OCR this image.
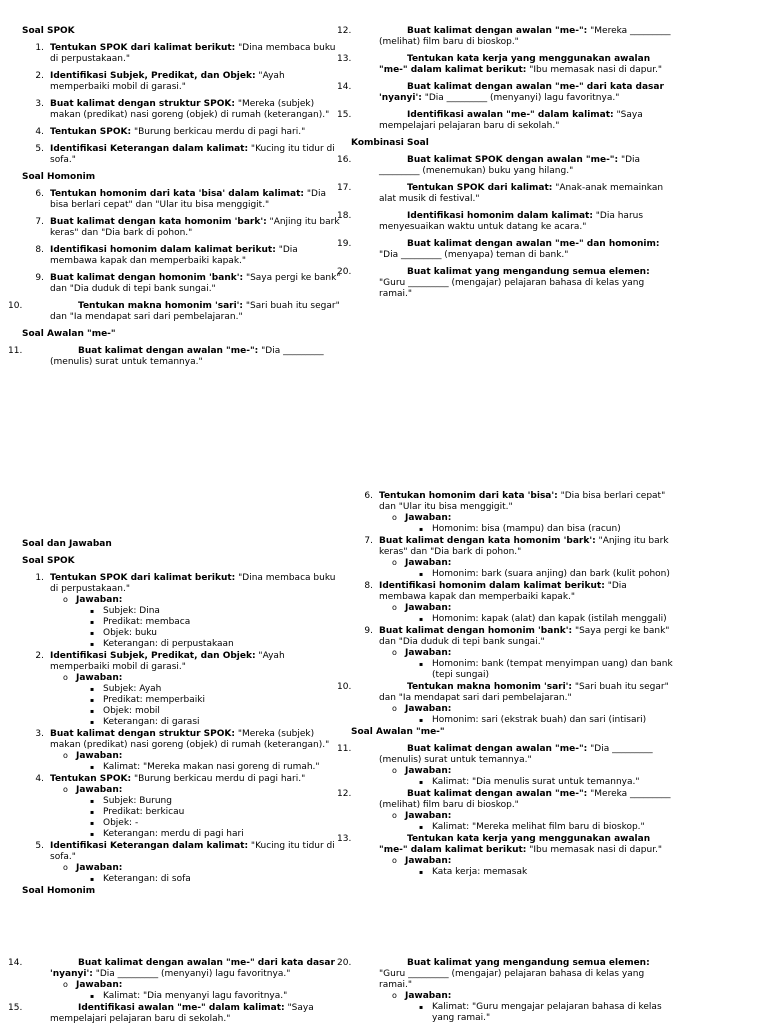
Soal SPOK
1. Tentukan SPOK dari kalimat berikut: "Dina membaca buku di perpustakaan."
2. Identifikasi Subjek, Predikat, dan Objek: "Ayah memperbaiki mobil di garasi."
3. Buat kalimat dengan struktur SPOK: "Mereka (subjek) makan (predikat) nasi goreng (objek) di rumah (keterangan)."
4. Tentukan SPOK: "Burung berkicau merdu di pagi hari."
5. Identifikasi Keterangan dalam kalimat: "Kucing itu tidur di sofa."
Soal Homonim
6. Tentukan homonim dari kata 'bisa' dalam kalimat: "Dia bisa berlari cepat" dan "Ular itu bisa menggigit."
7. Buat kalimat dengan kata homonim 'bark': "Anjing itu bark keras" dan "Dia bark di pohon."
8. Identifikasi homonim dalam kalimat berikut: "Dia membawa kapak dan memperbaiki kapak."
9. Buat kalimat dengan homonim 'bank': "Saya pergi ke bank" dan "Dia duduk di tepi bank sungai."
10.	Tentukan makna homonim 'sari': "Sari buah itu segar" dan "Ia mendapat sari dari pembelajaran."
Soal Awalan "me-"
11.	Buat kalimat dengan awalan "me-": "Dia _________ (menulis) surat untuk temannya."
12.	Buat kalimat dengan awalan "me-": "Mereka _________ (melihat) film baru di bioskop."
13.	Tentukan kata kerja yang menggunakan awalan "me-" dalam kalimat berikut: "Ibu memasak nasi di dapur."
14.	Buat kalimat dengan awalan "me-" dari kata dasar 'nyanyi': "Dia _________ (menyanyi) lagu favoritnya."
15.	Identifikasi awalan "me-" dalam kalimat: "Saya mempelajari pelajaran baru di sekolah."
Kombinasi Soal
16.	Buat kalimat SPOK dengan awalan "me-": "Dia _________ (menemukan) buku yang hilang."
17.	Tentukan SPOK dari kalimat: "Anak-anak memainkan alat musik di festival."
18.	Identifikasi homonim dalam kalimat: "Dia harus menyesuaikan waktu untuk datang ke acara."
19.	Buat kalimat dengan awalan "me-" dan homonim: "Dia _________ (menyapa) teman di bank."
20.	Buat kalimat yang mengandung semua elemen: "Guru _________ (mengajar) pelajaran bahasa di kelas yang ramai."
Soal dan Jawaban
Soal SPOK
1. Tentukan SPOK dari kalimat berikut: "Dina membaca buku di perpustakaan."
o Jawaban:
▪ Subjek: Dina
▪ Predikat: membaca
▪ Objek: buku
▪ Keterangan: di perpustakaan
2. Identifikasi Subjek, Predikat, dan Objek: "Ayah memperbaiki mobil di garasi."
o Jawaban:
▪ Subjek: Ayah
▪ Predikat: memperbaiki
▪ Objek: mobil
▪ Keterangan: di garasi
3. Buat kalimat dengan struktur SPOK: "Mereka (subjek) makan (predikat) nasi goreng (objek) di rumah (keterangan)."
o Jawaban:
▪ Kalimat: "Mereka makan nasi goreng di rumah."
4. Tentukan SPOK: "Burung berkicau merdu di pagi hari."
o Jawaban:
▪ Subjek: Burung
▪ Predikat: berkicau
▪ Objek: -
▪ Keterangan: merdu di pagi hari
5. Identifikasi Keterangan dalam kalimat: "Kucing itu tidur di sofa."
o Jawaban:
▪ Keterangan: di sofa
Soal Homonim
6. Tentukan homonim dari kata 'bisa': "Dia bisa berlari cepat" dan "Ular itu bisa menggigit."
o Jawaban:
▪ Homonim: bisa (mampu) dan bisa (racun)
7. Buat kalimat dengan kata homonim 'bark': "Anjing itu bark keras" dan "Dia bark di pohon."
o Jawaban:
▪ Homonim: bark (suara anjing) dan bark (kulit pohon)
8. Identifikasi homonim dalam kalimat berikut: "Dia membawa kapak dan memperbaiki kapak."
o Jawaban:
▪ Homonim: kapak (alat) dan kapak (istilah menggali)
9. Buat kalimat dengan homonim 'bank': "Saya pergi ke bank" dan "Dia duduk di tepi bank sungai."
o Jawaban:
▪ Homonim: bank (tempat menyimpan uang) dan bank (tepi sungai)
10.	Tentukan makna homonim 'sari': "Sari buah itu segar" dan "Ia mendapat sari dari pembelajaran."
o Jawaban:
▪ Homonim: sari (ekstrak buah) dan sari (intisari)
Soal Awalan "me-"
11.	Buat kalimat dengan awalan "me-": "Dia _________ (menulis) surat untuk temannya."
o Jawaban:
▪ Kalimat: "Dia menulis surat untuk temannya."
12.	Buat kalimat dengan awalan "me-": "Mereka _________ (melihat) film baru di bioskop."
o Jawaban:
▪ Kalimat: "Mereka melihat film baru di bioskop."
13.	Tentukan kata kerja yang menggunakan awalan "me-" dalam kalimat berikut: "Ibu memasak nasi di dapur."
o Jawaban:
▪ Kata kerja: memasak
14.	Buat kalimat dengan awalan "me-" dari kata dasar 'nyanyi': "Dia _________ (menyanyi) lagu favoritnya."
o Jawaban:
▪ Kalimat: "Dia menyanyi lagu favoritnya."
15.	Identifikasi awalan "me-" dalam kalimat: "Saya mempelajari pelajaran baru di sekolah."
20.	Buat kalimat yang mengandung semua elemen: "Guru _________ (mengajar) pelajaran bahasa di kelas yang ramai."
o Jawaban:
▪ Kalimat: "Guru mengajar pelajaran bahasa di kelas yang ramai."
